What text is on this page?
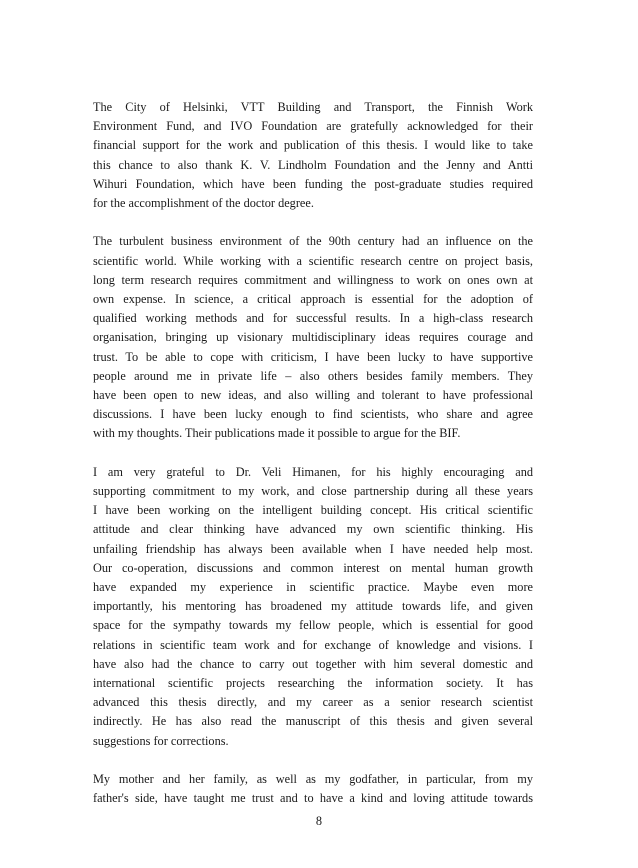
The City of Helsinki, VTT Building and Transport, the Finnish Work
Environment Fund, and IVO Foundation are gratefully acknowledged for their
financial support for the work and publication of this thesis. I would like to take
this chance to also thank K. V. Lindholm Foundation and the Jenny and Antti
Wihuri Foundation, which have been funding the post-graduate studies required
for the accomplishment of the doctor degree.

The turbulent business environment of the 90th century had an influence on the
scientific world. While working with a scientific research centre on project basis,
long term research requires commitment and willingness to work on ones own at
own expense. In science, a critical approach is essential for the adoption of
qualified working methods and for successful results. In a high-class research
organisation, bringing up visionary multidisciplinary ideas requires courage and
trust. To be able to cope with criticism, I have been lucky to have supportive
people around me in private life – also others besides family members. They
have been open to new ideas, and also willing and tolerant to have professional
discussions. I have been lucky enough to find scientists, who share and agree
with my thoughts. Their publications made it possible to argue for the BIF.

I am very grateful to Dr. Veli Himanen, for his highly encouraging and
supporting commitment to my work, and close partnership during all these years
I have been working on the intelligent building concept. His critical scientific
attitude and clear thinking have advanced my own scientific thinking. His
unfailing friendship has always been available when I have needed help most.
Our co-operation, discussions and common interest on mental human growth
have expanded my experience in scientific practice. Maybe even more
importantly, his mentoring has broadened my attitude towards life, and given
space for the sympathy towards my fellow people, which is essential for good
relations in scientific team work and for exchange of knowledge and visions. I
have also had the chance to carry out together with him several domestic and
international scientific projects researching the information society. It has
advanced this thesis directly, and my career as a senior research scientist
indirectly. He has also read the manuscript of this thesis and given several
suggestions for corrections.

My mother and her family, as well as my godfather, in particular, from my
father's side, have taught me trust and to have a kind and loving attitude towards

8
